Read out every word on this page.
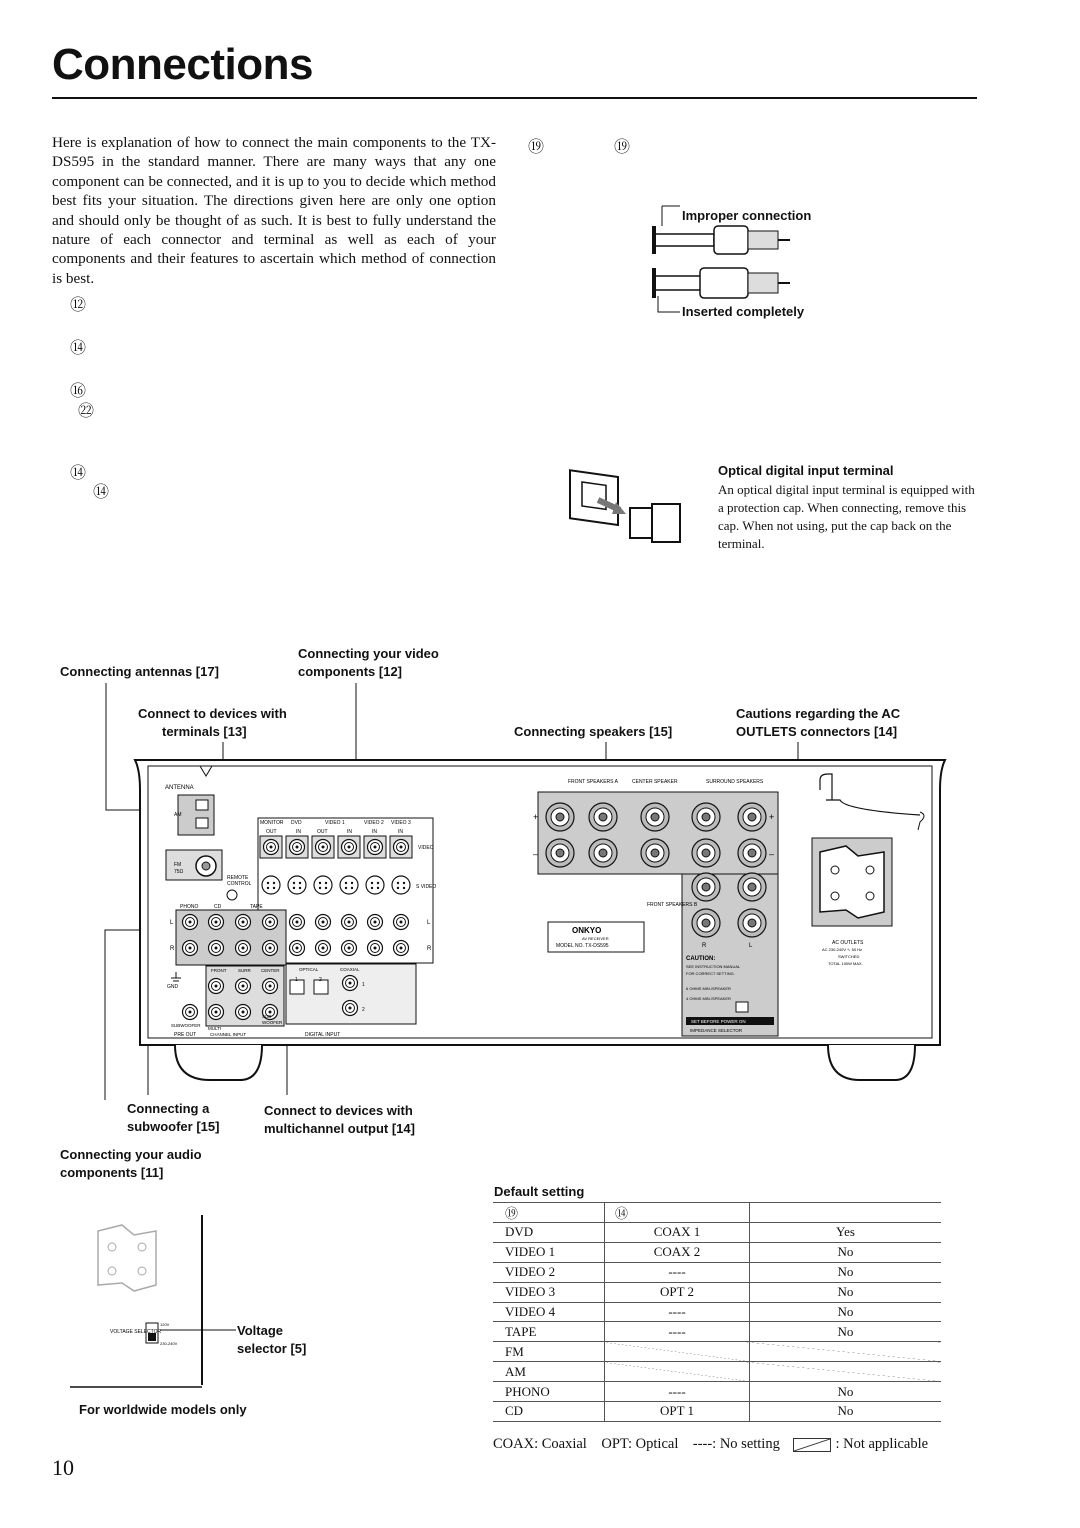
Connections
Here is explanation of how to connect the main components to the TX-DS595 in the standard manner. There are many ways that any one component can be connected, and it is up to you to decide which method best fits your situation. The directions given here are only one option and should only be thought of as such. It is best to fully understand the nature of each connector and terminal as well as each of your components and their features to ascertain which method of connection is best.
⑫
⑭
⑯
㉒
⑭
⑭
⑲	⑲
Improper connection
Inserted completely
Optical digital input terminal
An optical digital input terminal is equipped with a protection cap. When connecting, remove this cap. When not using, put the cap back on the terminal.
Connecting antennas [17]
Connecting your video
components [12]
Connect to devices with
terminals [13]	Connecting speakers [15]
Cautions regarding the AC
OUTLETS connectors [14]
Connecting a
subwoofer [15]
Connect to devices with
multichannel output [14]
Connecting your audio
components [11]
Voltage
selector [5]
For worldwide models only
ANTENNA
AM
FM
75Ω
REMOTE
CONTROL
MONITOR DVD	VIDEO 1	VIDEO 2 VIDEO 3
OUT	IN	OUT	IN	IN	IN
VIDEO
S VIDEO
PHONO	CD	TAPE
L
R
L
R
GND
FRONT	SURR CENTER
SUBWOOFER
PRE OUT
MULTI
CHANNEL INPUT
SUB
WOOFER
OPTICAL	COAXIAL
1	2
1
2
DIGITAL INPUT
FRONT SPEAKERS A	CENTER SPEAKER	SURROUND SPEAKERS
+
–
+
–
FRONT SPEAKERS B
R	L
ONKYO
AV RECEIVER
MODEL NO. TX-DS595
CAUTION:
SEE INSTRUCTION MANUAL
FOR CORRECT SETTING.
6 OHMS MIN./SPEAKER
4 OHMS MIN./SPEAKER
SET BEFORE POWER ON
IMPEDANCE SELECTOR
AC OUTLETS
AC 230-240V ∿ 50 Hz
SWITCHED
TOTAL 100W MAX.
VOLTAGE SELECTOR
120V
230-240V
Default setting
⑲	⑭	
DVD	COAX 1	Yes
VIDEO 1	COAX 2	No
VIDEO 2	----	No
VIDEO 3	OPT 2	No
VIDEO 4	----	No
TAPE	----	No
FM		
AM		
PHONO	----	No
CD	OPT 1	No
COAX: Coaxial OPT: Optical ----: No setting	: Not applicable
10
